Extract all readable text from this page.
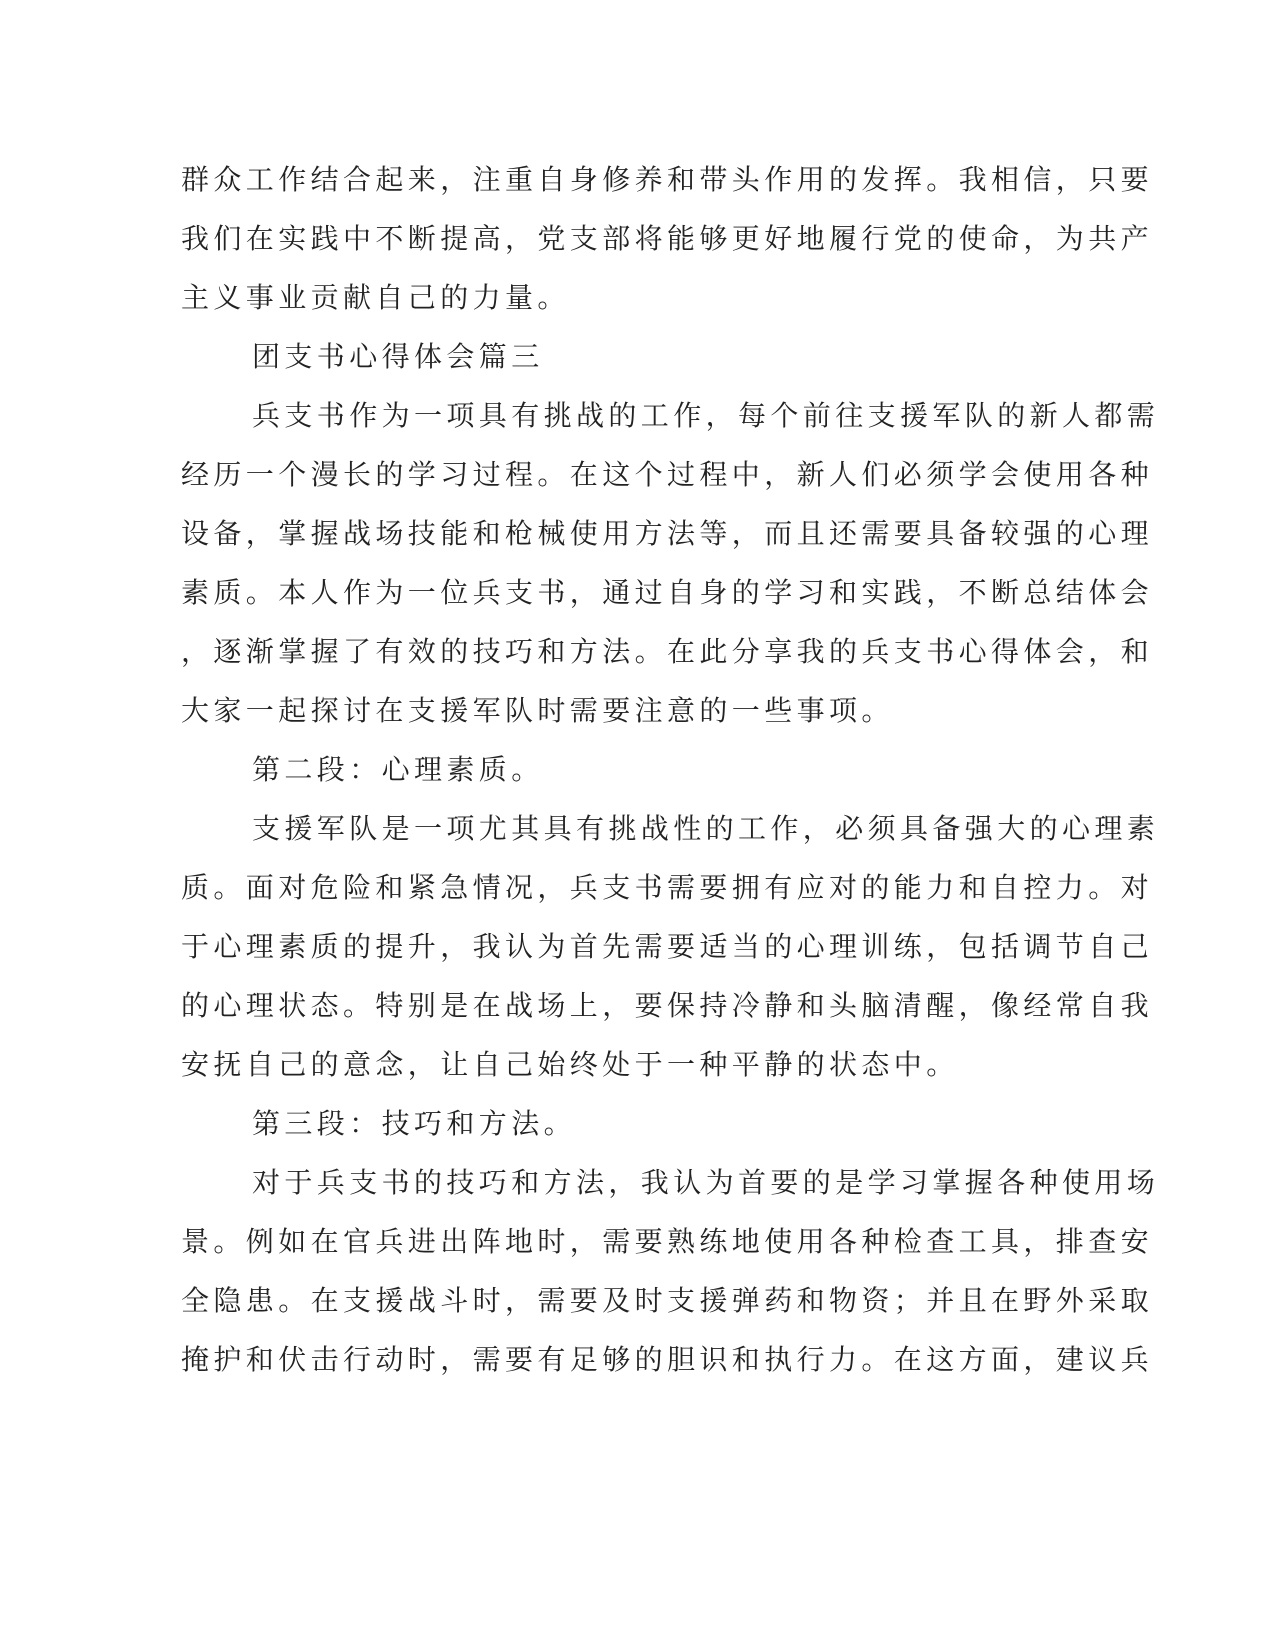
群众工作结合起来，注重自身修养和带头作用的发挥。我相信，只要
我们在实践中不断提高，党支部将能够更好地履行党的使命，为共产
主义事业贡献自己的力量。
团支书心得体会篇三
兵支书作为一项具有挑战的工作，每个前往支援军队的新人都需
经历一个漫长的学习过程。在这个过程中，新人们必须学会使用各种
设备，掌握战场技能和枪械使用方法等，而且还需要具备较强的心理
素质。本人作为一位兵支书，通过自身的学习和实践，不断总结体会
，逐渐掌握了有效的技巧和方法。在此分享我的兵支书心得体会，和
大家一起探讨在支援军队时需要注意的一些事项。
第二段：心理素质。
支援军队是一项尤其具有挑战性的工作，必须具备强大的心理素
质。面对危险和紧急情况，兵支书需要拥有应对的能力和自控力。对
于心理素质的提升，我认为首先需要适当的心理训练，包括调节自己
的心理状态。特别是在战场上，要保持冷静和头脑清醒，像经常自我
安抚自己的意念，让自己始终处于一种平静的状态中。
第三段：技巧和方法。
对于兵支书的技巧和方法，我认为首要的是学习掌握各种使用场
景。例如在官兵进出阵地时，需要熟练地使用各种检查工具，排查安
全隐患。在支援战斗时，需要及时支援弹药和物资；并且在野外采取
掩护和伏击行动时，需要有足够的胆识和执行力。在这方面，建议兵
